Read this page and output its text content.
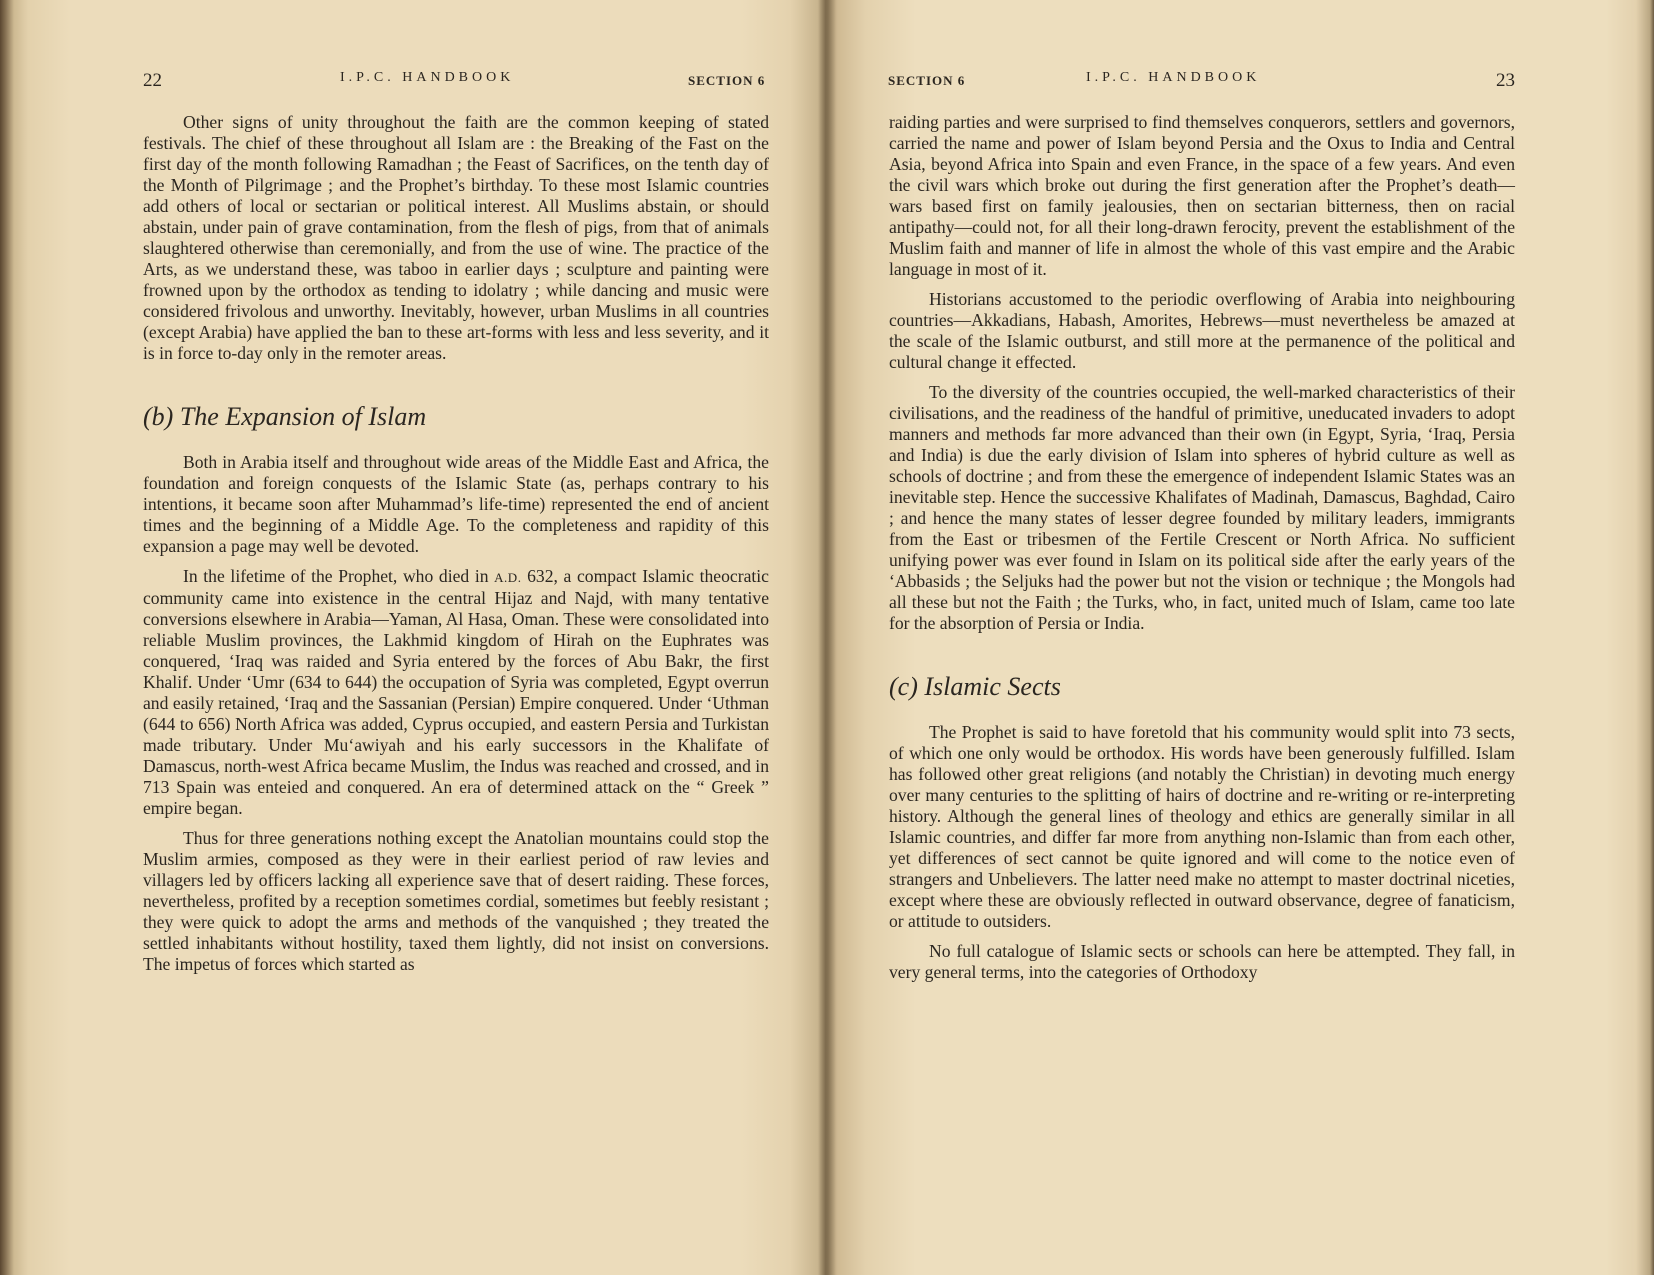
22	I.P.C. HANDBOOK	SECTION 6

Other signs of unity throughout the faith are the common keeping of stated festivals. The chief of these throughout all Islam are : the Breaking of the Fast on the first day of the month following Ramadhan ; the Feast of Sacrifices, on the tenth day of the Month of Pilgrimage ; and the Prophet’s birthday. To these most Islamic countries add others of local or sectarian or political interest. All Muslims abstain, or should abstain, under pain of grave contamination, from the flesh of pigs, from that of animals slaughtered otherwise than ceremonially, and from the use of wine. The practice of the Arts, as we understand these, was taboo in earlier days ; sculpture and painting were frowned upon by the orthodox as tending to idolatry ; while dancing and music were considered frivolous and unworthy. Inevitably, however, urban Muslims in all countries (except Arabia) have applied the ban to these art-forms with less and less severity, and it is in force to-day only in the remoter areas.

(b) The Expansion of Islam

Both in Arabia itself and throughout wide areas of the Middle East and Africa, the foundation and foreign conquests of the Islamic State (as, perhaps contrary to his intentions, it became soon after Muhammad’s life-time) represented the end of ancient times and the beginning of a Middle Age. To the completeness and rapidity of this expansion a page may well be devoted.

In the lifetime of the Prophet, who died in A.D. 632, a compact Islamic theocratic community came into existence in the central Hijaz and Najd, with many tentative conversions elsewhere in Arabia—Yaman, Al Hasa, Oman. These were consolidated into reliable Muslim provinces, the Lakhmid kingdom of Hirah on the Euphrates was conquered, ‘Iraq was raided and Syria entered by the forces of Abu Bakr, the first Khalif. Under ‘Umr (634 to 644) the occupation of Syria was completed, Egypt overrun and easily retained, ‘Iraq and the Sassanian (Persian) Empire conquered. Under ‘Uthman (644 to 656) North Africa was added, Cyprus occupied, and eastern Persia and Turkistan made tributary. Under Mu‘awiyah and his early successors in the Khalifate of Damascus, north-west Africa became Muslim, the Indus was reached and crossed, and in 713 Spain was enteied and conquered. An era of determined attack on the “ Greek ” empire began.

Thus for three generations nothing except the Anatolian mountains could stop the Muslim armies, composed as they were in their earliest period of raw levies and villagers led by officers lacking all experience save that of desert raiding. These forces, nevertheless, profited by a reception sometimes cordial, sometimes but feebly resistant ; they were quick to adopt the arms and methods of the vanquished ; they treated the settled inhabitants without hostility, taxed them lightly, did not insist on conversions. The impetus of forces which started as

SECTION 6	I.P.C. HANDBOOK	23

raiding parties and were surprised to find themselves conquerors, settlers and governors, carried the name and power of Islam beyond Persia and the Oxus to India and Central Asia, beyond Africa into Spain and even France, in the space of a few years. And even the civil wars which broke out during the first generation after the Prophet’s death—wars based first on family jealousies, then on sectarian bitterness, then on racial antipathy—could not, for all their long-drawn ferocity, prevent the establishment of the Muslim faith and manner of life in almost the whole of this vast empire and the Arabic language in most of it.

Historians accustomed to the periodic overflowing of Arabia into neighbouring countries—Akkadians, Habash, Amorites, Hebrews—must nevertheless be amazed at the scale of the Islamic outburst, and still more at the permanence of the political and cultural change it effected.

To the diversity of the countries occupied, the well-marked characteristics of their civilisations, and the readiness of the handful of primitive, uneducated invaders to adopt manners and methods far more advanced than their own (in Egypt, Syria, ‘Iraq, Persia and India) is due the early division of Islam into spheres of hybrid culture as well as schools of doctrine ; and from these the emergence of independent Islamic States was an inevitable step. Hence the successive Khalifates of Madinah, Damascus, Baghdad, Cairo ; and hence the many states of lesser degree founded by military leaders, immigrants from the East or tribesmen of the Fertile Crescent or North Africa. No sufficient unifying power was ever found in Islam on its political side after the early years of the ‘Abbasids ; the Seljuks had the power but not the vision or technique ; the Mongols had all these but not the Faith ; the Turks, who, in fact, united much of Islam, came too late for the absorption of Persia or India.

(c) Islamic Sects

The Prophet is said to have foretold that his community would split into 73 sects, of which one only would be orthodox. His words have been generously fulfilled. Islam has followed other great religions (and notably the Christian) in devoting much energy over many centuries to the splitting of hairs of doctrine and re-writing or re-interpreting history. Although the general lines of theology and ethics are generally similar in all Islamic countries, and differ far more from anything non-Islamic than from each other, yet differences of sect cannot be quite ignored and will come to the notice even of strangers and Unbelievers. The latter need make no attempt to master doctrinal niceties, except where these are obviously reflected in outward observance, degree of fanaticism, or attitude to outsiders.

No full catalogue of Islamic sects or schools can here be attempted. They fall, in very general terms, into the categories of Orthodoxy
